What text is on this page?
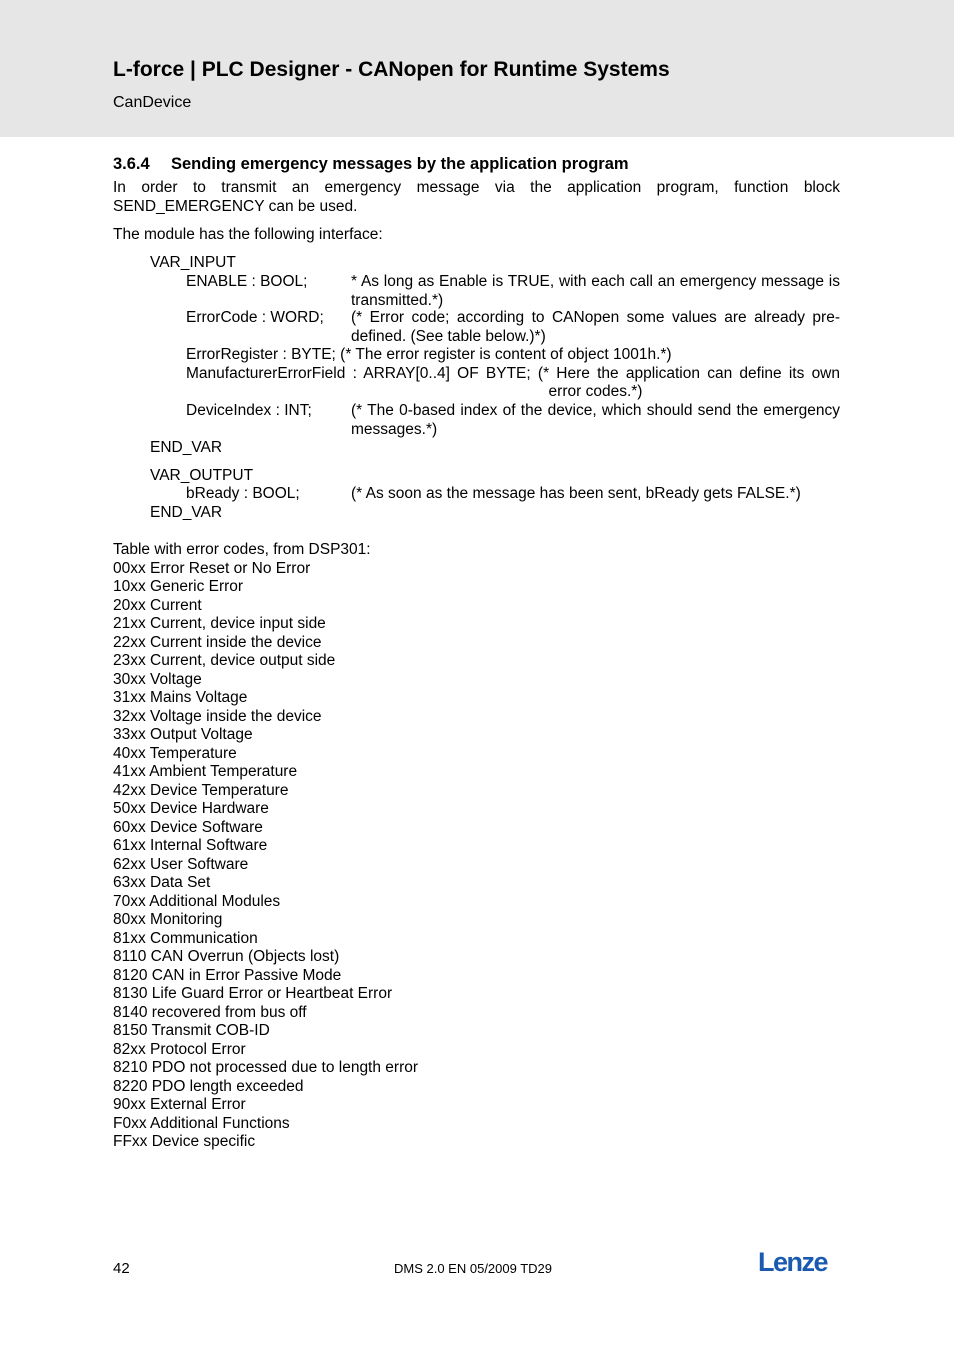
L-force | PLC Designer - CANopen for Runtime Systems
CanDevice
3.6.4 Sending emergency messages by the application program
In order to transmit an emergency message via the application program, function block SEND_EMERGENCY can be used.
The module has the following interface:
VAR_INPUT
ENABLE : BOOL;	* As long as Enable is TRUE, with each call an emergency message is transmitted.*)
ErrorCode : WORD; (* Error code; according to CANopen some values are already pre-defined. (See table below.)*)
ErrorRegister : BYTE; (* The error register is content of object 1001h.*)
ManufacturerErrorField : ARRAY[0..4] OF BYTE; (* Here the application can define its own
error codes.*)
DeviceIndex : INT;	(* The 0-based index of the device, which should send the emergency messages.*)
END_VAR
VAR_OUTPUT
bReady : BOOL;	(* As soon as the message has been sent, bReady gets FALSE.*)
END_VAR
Table with error codes, from DSP301:
00xx Error Reset or No Error
10xx Generic Error
20xx Current
21xx Current, device input side
22xx Current inside the device
23xx Current, device output side
30xx Voltage
31xx Mains Voltage
32xx Voltage inside the device
33xx Output Voltage
40xx Temperature
41xx Ambient Temperature
42xx Device Temperature
50xx Device Hardware
60xx Device Software
61xx Internal Software
62xx User Software
63xx Data Set
70xx Additional Modules
80xx Monitoring
81xx Communication
8110 CAN Overrun (Objects lost)
8120 CAN in Error Passive Mode
8130 Life Guard Error or Heartbeat Error
8140 recovered from bus off
8150 Transmit COB-ID
82xx Protocol Error
8210 PDO not processed due to length error
8220 PDO length exceeded
90xx External Error
F0xx Additional Functions
FFxx Device specific
42	DMS 2.0 EN 05/2009 TD29	Lenze
